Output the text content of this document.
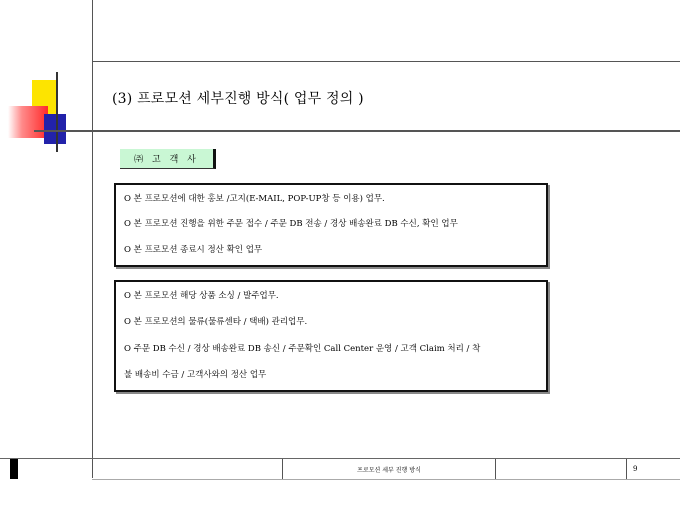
(3) 프로모션 세부진행 방식( 업무 정의 )
㈜ 고 객 사

O 본 프로모션에 대한 홍보 /고지(E-MAIL, POP-UP창 등 이용) 업무.

O 본 프로모션 진행을 위한 주문 접수 / 주문 DB 전송 / 경상 배송완료 DB 수신, 확인 업무

O 본 프로모션 종료시 정산 확인 업무

O 본 프로모션 해당 상품 소싱 / 발주업무.

O 본 프로모션의 물류(물류센타 / 택배) 관리업무.

O 주문 DB 수신 / 경상 배송완료 DB 송신 / 주문확인 Call Center 운영 / 고객 Claim 처리 / 착

불 배송비 수금 / 고객사와의 정산 업무

프로모션 세부 진행 방식	9
